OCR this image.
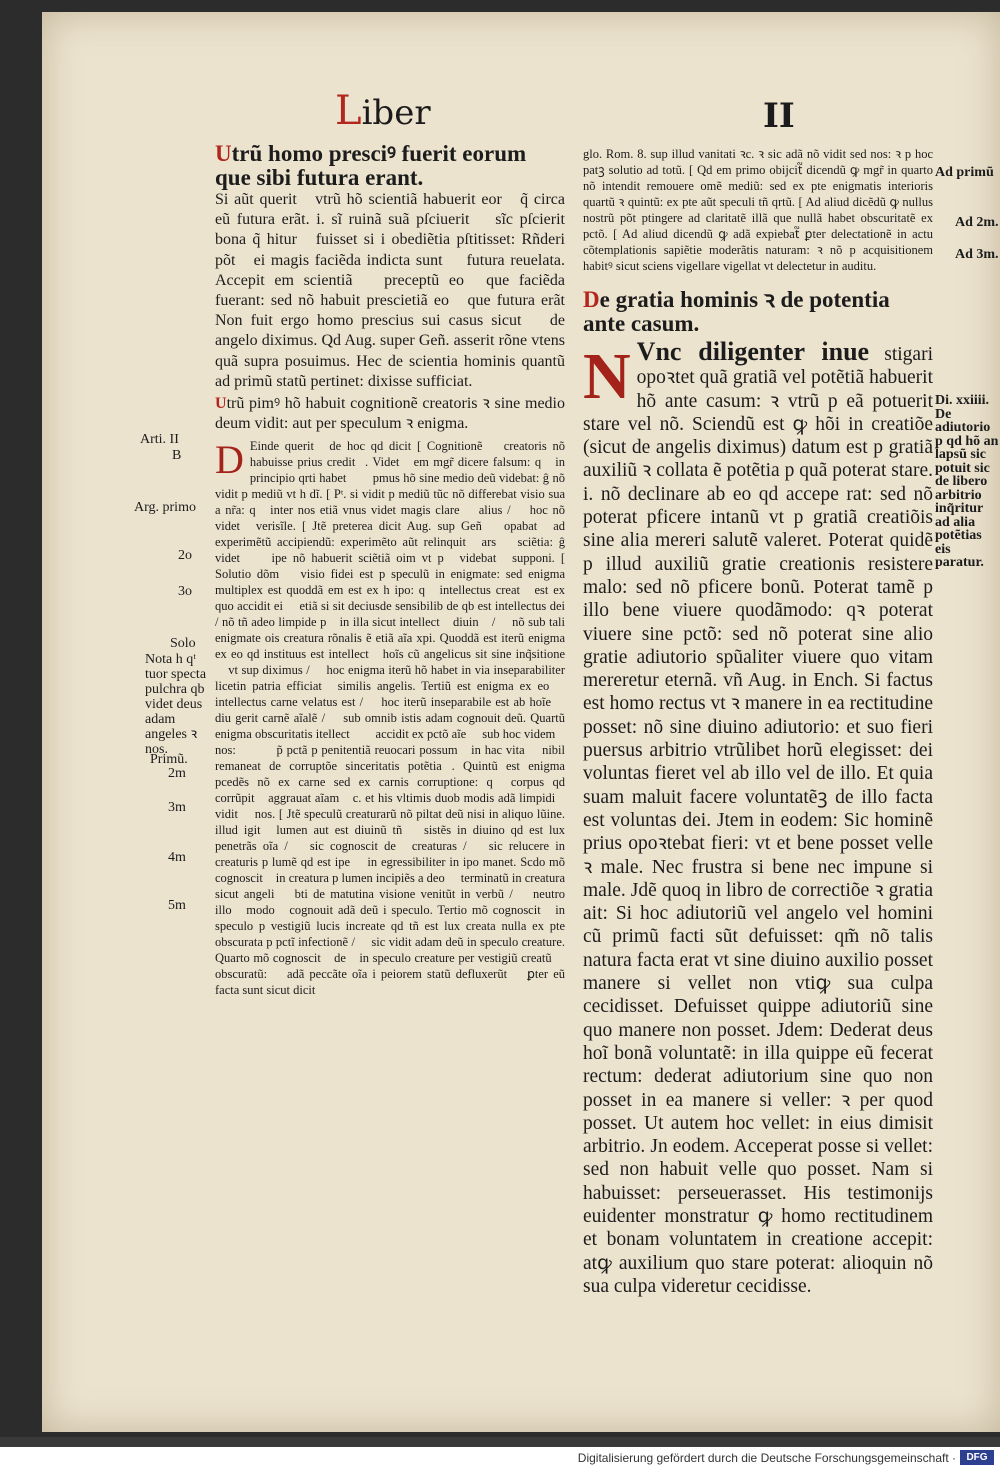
Liber	II

Utrũ homo presciꝰ fuerit eorum que sibi futura erant.

Si aũt querit᷑ vtrũ hõ scientiã habuerit eorꝫ q̃ circa eũ futura erãt. i. sĩ ruinã suã pſciuerit ꝫ sĩc pſcierit bona q̃ hiturꝰ fuisset si i obediẽtia pſtitisset: Rñderi põtꝫ ei magis faciẽda indicta sunt ꝙ futura reuelata. Accepit em scientiã ꝛ preceptũ eoꝝ que faciẽda fuerant: sed nõ habuit prescietiã eoꝝ que futura erãt Non fuit ergo homo prescius sui casus sicut ꝛ de angelo diximus. Qd Aug. super Geñ. asserit rõne vtens quã supra posuimus. Hec de scientia hominis quantũ ad primũ statũ pertinet: dixisse sufficiat.

Utrũ pimꝰ hõ habuit cognitionẽ creatoris ꝛ sine medio deum vidit: aut per speculum ꝛ enigma.

D Einde querit᷑ de hoc qd dicit [ Cognitionẽ ꝫ creatoris nõ habuisse prius credit᷑. Videt᷑ em mgr̃ dicere falsum: qꝛ in principio qrti habet᷑ ꝙ pmus hõ sine medio deũ videbat: ĝ nõ vidit p mediũ vt h dĩ. [ Pᵗ. si vidit p mediũ tũc nõ differebat visio sua a nr̃a: qꝛ inter nos etiã vnus videt magis clare ꝙ alius / ꝛ hoc nõ videt᷑ verisĩle. [ Jtẽ preterea dicit Aug. sup Geñ ꝙ opabat᷑ ad experimẽtũ accipiendũ: experimẽto aũt relinquit᷑ ars ꝛ sciẽtia: ĝ videt᷑ ꝙ ipe nõ habuerit sciẽtiã oim vt pꝰ videbat᷑ supponi. [ Solutio dõm ꝙ visio fidei est p speculũ in enigmate: sed enigma multiplex est quoddã em est ex h ipo: qꝛ intellectus creat᷑ est ex quo accidit ei ꝙ etiã si sit deciusde sensibilib de qb est intellectus dei / nõ tñ adeo limpide pꝫ in illa sicut intellectꝰ diuinꝰ / ꝛ nõ sub tali enigmate ois creatura rõnalis ẽ etiã aĩa xpi. Quoddã est iterũ enigma ex eo qd instituus est intellectꝰ hoĩs cũ angelicus sit sine inq̃sitione ꝛ vt sup diximus / ꝛ hoc enigma iterũ hõ habet in via inseparabiliter licetin patria efficiat᷑ similis angelis. Tertiũ est enigma ex eo ꝙ intellectus carne velatus est / ꝛ hoc iterũ inseparabile est ab hoĩe ꝙ diu gerit carnẽ aĩalẽ / ꝛ sub omnib istis adam cognouit deũ. Quartũ enigma obscuritatis itellectꝰ ꝙ accidit ex pctõ aĩe ꝛ sub hoc videmꝰ nos: ꝙ ꝙꝛ p̃ pctã p penitentiã reuocari possumꝰ in hac vita ꝙ nibil remaneat de corruptõe sinceritatis potẽtiaꝝ. Quintũ est enigma pcedẽs nõ ex carne sed ex carnis corruptione: qꝛ corpus qd corrũpit᷑ aggrauat aĩam ꝛc. et his vltimis duob modis adã limpidiꝰ vidit ꝙ nos. [ Jtẽ speculũ creaturarũ nõ piltat deũ nisi in aliquo lũine. illud igit᷑ lumen aut est diuinũ tñ ꝛ sistẽs in diuino qd est lux penetrãs oĩa / ꝛ sic cognoscit deꝰ creaturas / ꝛ sic relucere in creaturis p lumẽ qd est ipe ꝛ in egressibiliter in ipo manet. Scdo mõ cognoscit᷑ in creatura p lumen incipiẽs a deo ꝛ terminatũ in creatura sicut angeli ꝛ bti de matutina visione venitũt in verbũ / ꝛ neutro illoꝝ modoꝝ cognouit adã deũ i speculo. Tertio mõ cognoscit᷑ in speculo p vestigiũ lucis increate qd tñ est lux creata nulla ex pte obscurata p pctĩ infectionẽ / ꝛ sic vidit adam deũ in speculo creature. Quarto mõ cognoscit᷑ deꝰ in speculo creature per vestigiũ creatũ ꝛ obscuratũ: ꝙ adã peccãte oĩa i peiorem statũ defluxerũt ꝙ ꝑter eũ facta sunt sicut dicit

glo. Rom. 8. sup illud vanitati ꝛc. ꝛ sic adã nõ vidit sed nos: ꝛ p hoc patꝫ solutio ad totũ. [ Qd em primo obijcit᷑ dicendũ ꝙ mgr̃ in quarto nõ intendit remouere omẽ mediũ: sed ex pte enigmatis interioris quartũ ꝛ quintũ: ex pte aũt speculi tñ qrtũ. [ Ad aliud dicẽdũ ꝙ nullus nostrũ põt ptingere ad claritatẽ illã que nullã habet obscuritatẽ ex pctõ. [ Ad aliud dicendũ ꝙ adã expiebat᷑ ꝑter delectationẽ in actu cõtemplationis sapiẽtie moderãtis naturam: ꝛ nõ p acquisitionem habitꝰ sicut sciens vigellare vigellat vt delectetur in auditu.

De gratia hominis ꝛ de potentia ante casum.

N Vnc diligenter inue stigari opoꝛtet quã gratiã vel potẽtiã habuerit hõ ante casum: ꝛ vtrũ p eã potuerit stare vel nõ. Sciendũ est ꝙ hõi in creatiõe (sicut de angelis diximus) datum est p gratiã auxiliũ ꝛ collata ẽ potẽtia p quã poterat stare. i. nõ declinare ab eo qd accepe rat: sed nõ poterat pficere intanũ vt p gratiã creatiõis sine alia mereri salutẽ valeret. Poterat quidẽ p illud auxiliũ gratie creationis resistere malo: sed nõ pficere bonũ. Poterat tamẽ p illo bene viuere quodãmodo: qꝛ poterat viuere sine pctõ: sed nõ poterat sine alio gratie adiutorio spũaliter viuere quo vitam mereretur eternã. vñ Aug. in Ench. Si factus est homo rectus vt ꝛ manere in ea rectitudine posset: nõ sine diuino adiutorio: et suo fieri puersus arbitrio vtrũlibet horũ elegisset: dei voluntas fieret vel ab illo vel de illo. Et quia suam maluit facere voluntatẽꝫ de illo facta est voluntas dei. Jtem in eodem: Sic hominẽ prius opoꝛtebat fieri: vt et bene posset velle ꝛ male. Nec frustra si bene nec impune si male. Jdẽ quoq in libro de correctiõe ꝛ gratia ait: Si hoc adiutoriũ vel angelo vel homini cũ primũ facti sũt defuisset: qm̃ nõ talis natura facta erat vt sine diuino auxilio posset manere si vellet non vtiꝙ sua culpa cecidisset. Defuisset quippe adiutoriũ sine quo manere non posset. Jdem: Dederat deus hoĩ bonã voluntatẽ: in illa quippe eũ fecerat rectum: dederat adiutorium sine quo non posset in ea manere si veller: ꝛ per quod posset. Ut autem hoc vellet: in eius dimisit arbitrio. Jn eodem. Acceperat posse si vellet: sed non habuit velle quo posset. Nam si habuisset: perseuerasset. His testimonijs euidenter monstratur ꝙ homo rectitudinem et bonam voluntatem in creatione accepit: atꝙ auxilium quo stare poterat: alioquin nõ sua culpa videretur cecidisse.

Arti. II
B
Arg. primo
2o
3o
Solo
Nota h qᵗ tuor specta pulchra qb videt deus adam angeles ꝛ nos.
Primũ.
2m
3m
4m
5m
Ad primũ
Ad 2m.
Ad 3m.
Di. xxiiii. De adiutorio p qd hõ an lapsũ sic potuit sic de libero arbitrio inq̃ritur ad alia potẽtias eis paratur.
Digitalisierung gefördert durch die Deutsche Forschungsgemeinschaft ·	DFG
